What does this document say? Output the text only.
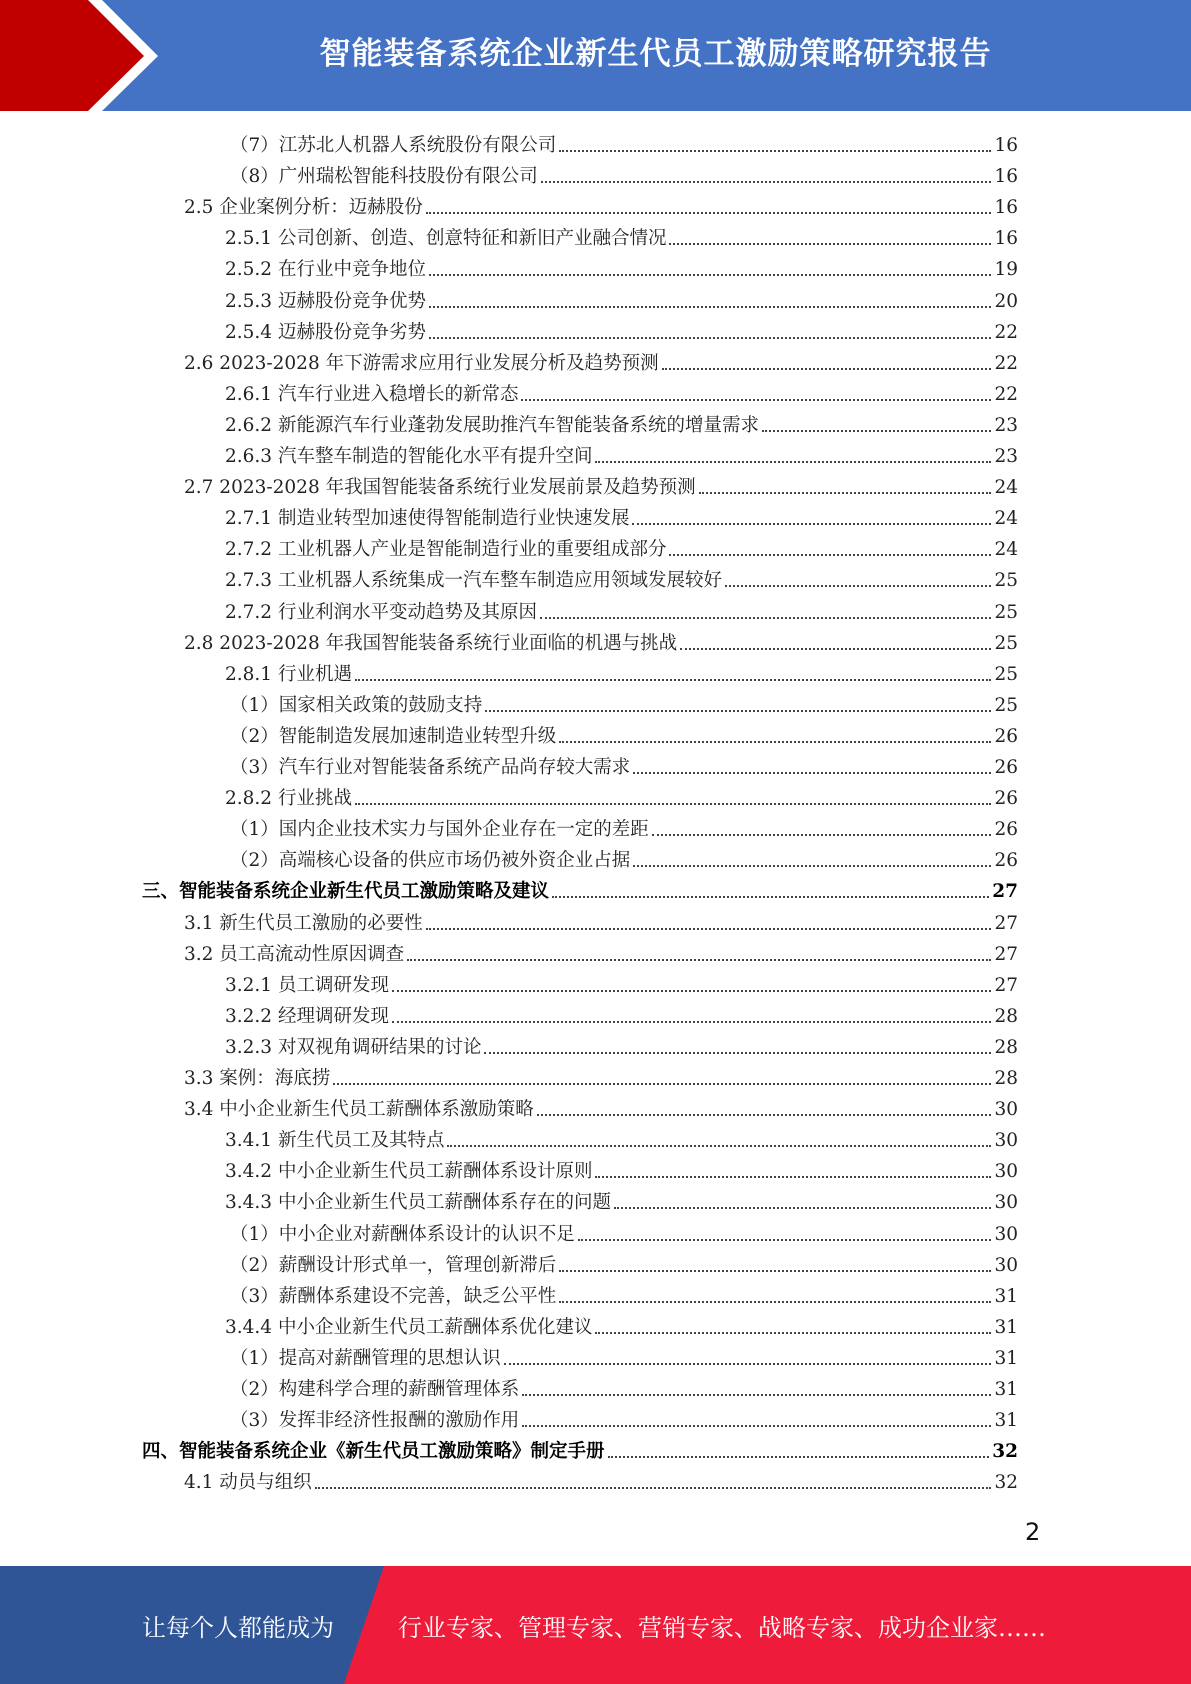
智能装备系统企业新生代员工激励策略研究报告
（7）江苏北人机器人系统股份有限公司	16
（8）广州瑞松智能科技股份有限公司	16
2.5 企业案例分析：迈赫股份	16
2.5.1 公司创新、创造、创意特征和新旧产业融合情况	16
2.5.2 在行业中竞争地位	19
2.5.3 迈赫股份竞争优势	20
2.5.4 迈赫股份竞争劣势	22
2.6 2023-2028 年下游需求应用行业发展分析及趋势预测	22
2.6.1 汽车行业进入稳增长的新常态	22
2.6.2 新能源汽车行业蓬勃发展助推汽车智能装备系统的增量需求	23
2.6.3 汽车整车制造的智能化水平有提升空间	23
2.7 2023-2028 年我国智能装备系统行业发展前景及趋势预测	24
2.7.1 制造业转型加速使得智能制造行业快速发展	24
2.7.2 工业机器人产业是智能制造行业的重要组成部分	24
2.7.3 工业机器人系统集成一汽车整车制造应用领域发展较好	25
2.7.2 行业利润水平变动趋势及其原因	25
2.8 2023-2028 年我国智能装备系统行业面临的机遇与挑战	25
2.8.1 行业机遇	25
（1）国家相关政策的鼓励支持	25
（2）智能制造发展加速制造业转型升级	26
（3）汽车行业对智能装备系统产品尚存较大需求	26
2.8.2 行业挑战	26
（1）国内企业技术实力与国外企业存在一定的差距	26
（2）高端核心设备的供应市场仍被外资企业占据	26
三、智能装备系统企业新生代员工激励策略及建议	27
3.1 新生代员工激励的必要性	27
3.2 员工高流动性原因调查	27
3.2.1 员工调研发现	27
3.2.2 经理调研发现	28
3.2.3 对双视角调研结果的讨论	28
3.3 案例：海底捞	28
3.4 中小企业新生代员工薪酬体系激励策略	30
3.4.1 新生代员工及其特点	30
3.4.2 中小企业新生代员工薪酬体系设计原则	30
3.4.3 中小企业新生代员工薪酬体系存在的问题	30
（1）中小企业对薪酬体系设计的认识不足	30
（2）薪酬设计形式单一，管理创新滞后	30
（3）薪酬体系建设不完善，缺乏公平性	31
3.4.4 中小企业新生代员工薪酬体系优化建议	31
（1）提高对薪酬管理的思想认识	31
（2）构建科学合理的薪酬管理体系	31
（3）发挥非经济性报酬的激励作用	31
四、智能装备系统企业《新生代员工激励策略》制定手册	32
4.1 动员与组织	32
2
让每个人都能成为	行业专家、管理专家、营销专家、战略专家、成功企业家……
